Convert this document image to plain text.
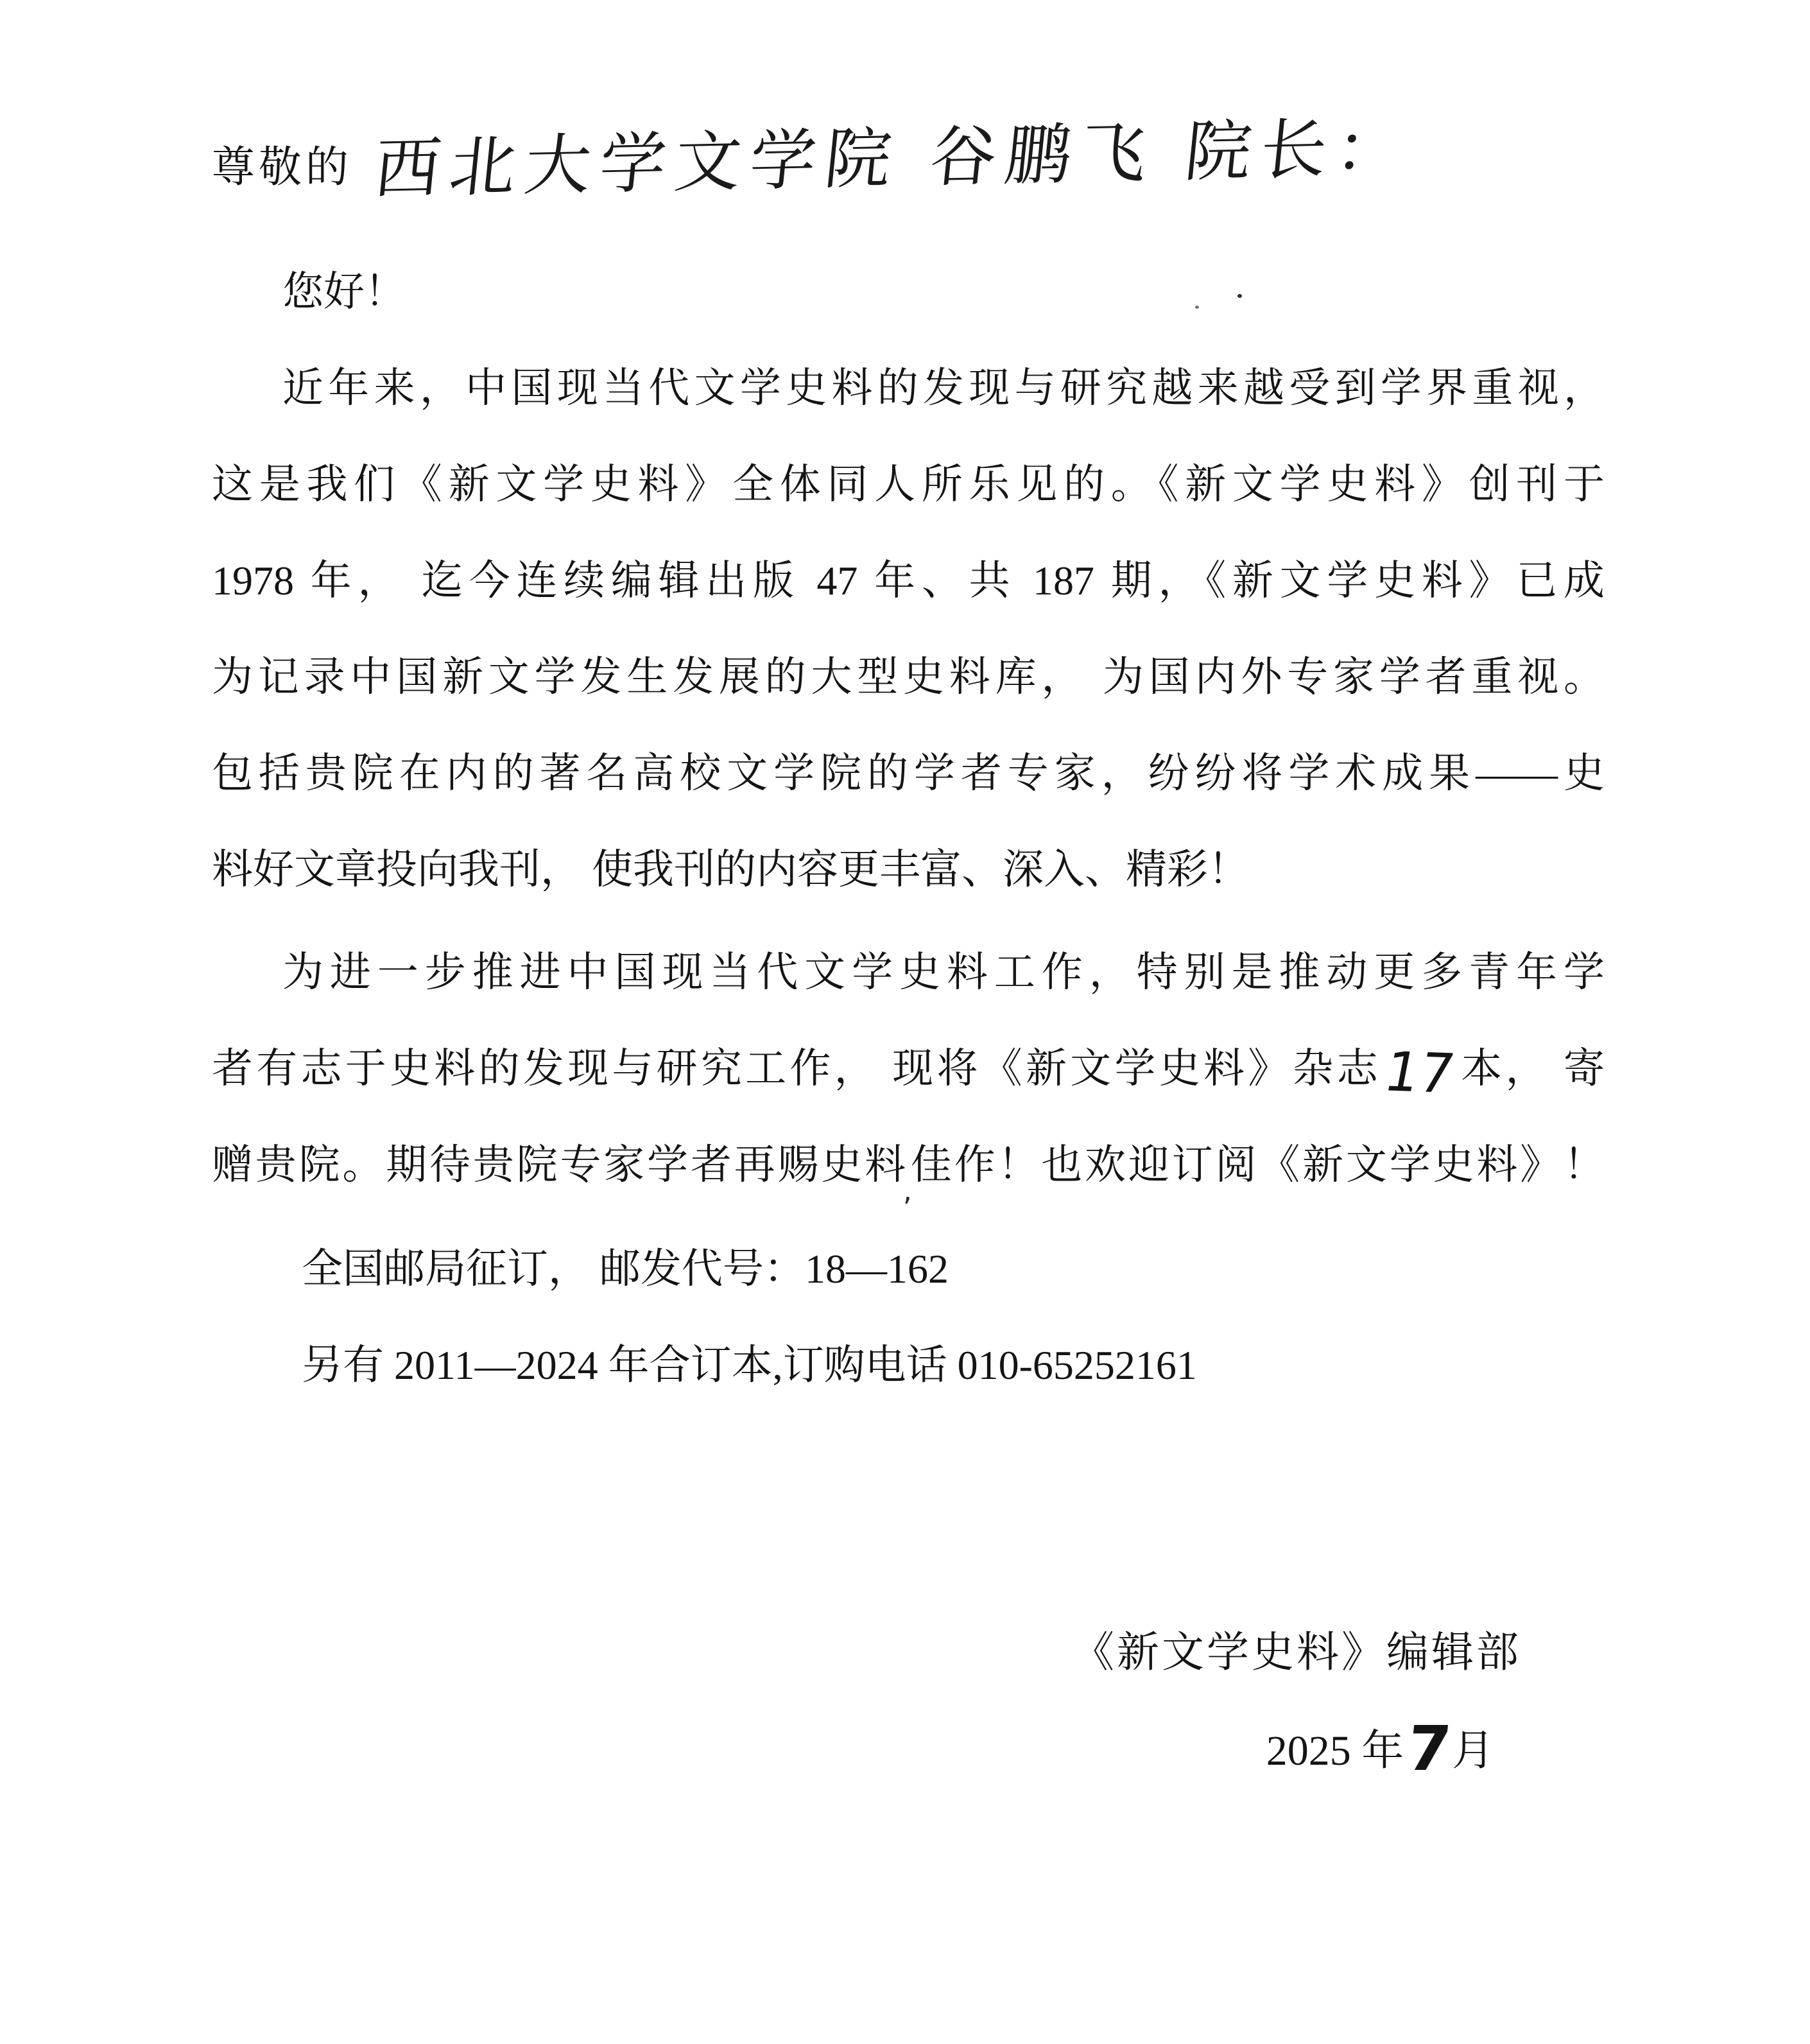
尊敬的 西北大学文学院 谷鹏飞 院长：
您好！
近年来，中国现当代文学史料的发现与研究越来越受到学界重视，
这是我们《新文学史料》全体同人所乐见的。《新文学史料》创刊于
1978 年， 迄今连续编辑出版 47 年、共 187 期，《新文学史料》已成
为记录中国新文学发生发展的大型史料库， 为国内外专家学者重视。
包括贵院在内的著名高校文学院的学者专家，纷纷将学术成果——史
料好文章投向我刊， 使我刊的内容更丰富、深入、精彩！
为进一步推进中国现当代文学史料工作，特别是推动更多青年学
者有志于史料的发现与研究工作， 现将《新文学史料》杂志17本， 寄
赠贵院。期待贵院专家学者再赐史料,佳作！也欢迎订阅《新文学史料》！
全国邮局征订， 邮发代号：18—162
另有 2011—2024 年合订本,订购电话 010-65252161
《新文学史料》编辑部
2025 年7月
